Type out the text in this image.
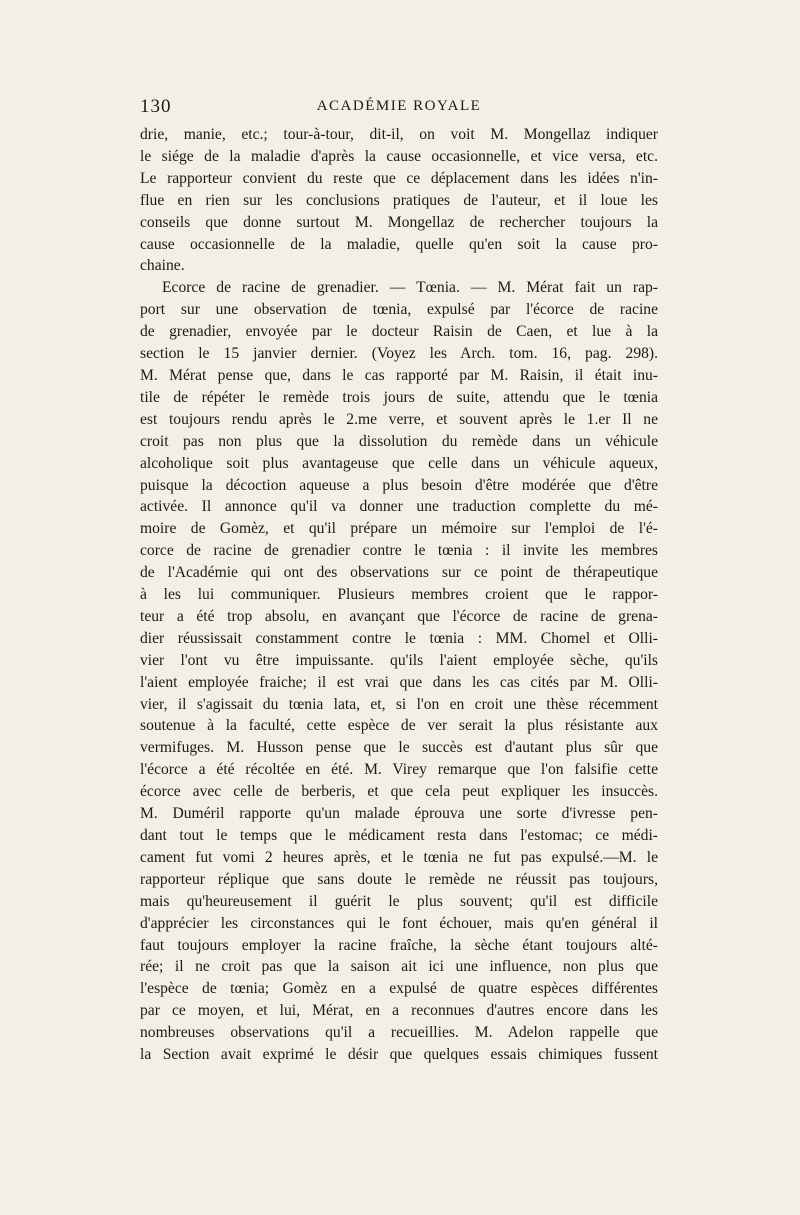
130	ACADÉMIE ROYALE
drie, manie, etc.; tour-à-tour, dit-il, on voit M. Mongellaz indiquer
le siége de la maladie d'après la cause occasionnelle, et vice versa, etc.
Le rapporteur convient du reste que ce déplacement dans les idées n'in-
flue en rien sur les conclusions pratiques de l'auteur, et il loue les
conseils que donne surtout M. Mongellaz de rechercher toujours la
cause occasionnelle de la maladie, quelle qu'en soit la cause pro-
chaine.
Ecorce de racine de grenadier. — Tœnia. — M. Mérat fait un rap-
port sur une observation de tœnia, expulsé par l'écorce de racine
de grenadier, envoyée par le docteur Raisin de Caen, et lue à la
section le 15 janvier dernier. (Voyez les Arch. tom. 16, pag. 298).
M. Mérat pense que, dans le cas rapporté par M. Raisin, il était inu-
tile de répéter le remède trois jours de suite, attendu que le tœnia
est toujours rendu après le 2.me verre, et souvent après le 1.er Il ne
croit pas non plus que la dissolution du remède dans un véhicule
alcoholique soit plus avantageuse que celle dans un véhicule aqueux,
puisque la décoction aqueuse a plus besoin d'être modérée que d'être
activée. Il annonce qu'il va donner une traduction complette du mé-
moire de Gomèz, et qu'il prépare un mémoire sur l'emploi de l'é-
corce de racine de grenadier contre le tœnia : il invite les membres
de l'Académie qui ont des observations sur ce point de thérapeutique
à les lui communiquer. Plusieurs membres croient que le rappor-
teur a été trop absolu, en avançant que l'écorce de racine de grena-
dier réussissait constamment contre le tœnia : MM. Chomel et Olli-
vier l'ont vu être impuissante. qu'ils l'aient employée sèche, qu'ils
l'aient employée fraiche; il est vrai que dans les cas cités par M. Olli-
vier, il s'agissait du tœnia lata, et, si l'on en croit une thèse récemment
soutenue à la faculté, cette espèce de ver serait la plus résistante aux
vermifuges. M. Husson pense que le succès est d'autant plus sûr que
l'écorce a été récoltée en été. M. Virey remarque que l'on falsifie cette
écorce avec celle de berberis, et que cela peut expliquer les insuccès.
M. Duméril rapporte qu'un malade éprouva une sorte d'ivresse pen-
dant tout le temps que le médicament resta dans l'estomac; ce médi-
cament fut vomi 2 heures après, et le tœnia ne fut pas expulsé.—M. le
rapporteur réplique que sans doute le remède ne réussit pas toujours,
mais qu'heureusement il guérit le plus souvent; qu'il est difficile
d'apprécier les circonstances qui le font échouer, mais qu'en général il
faut toujours employer la racine fraîche, la sèche étant toujours alté-
rée; il ne croit pas que la saison ait ici une influence, non plus que
l'espèce de tœnia; Gomèz en a expulsé de quatre espèces différentes
par ce moyen, et lui, Mérat, en a reconnues d'autres encore dans les
nombreuses observations qu'il a recueillies. M. Adelon rappelle que
la Section avait exprimé le désir que quelques essais chimiques fussent
